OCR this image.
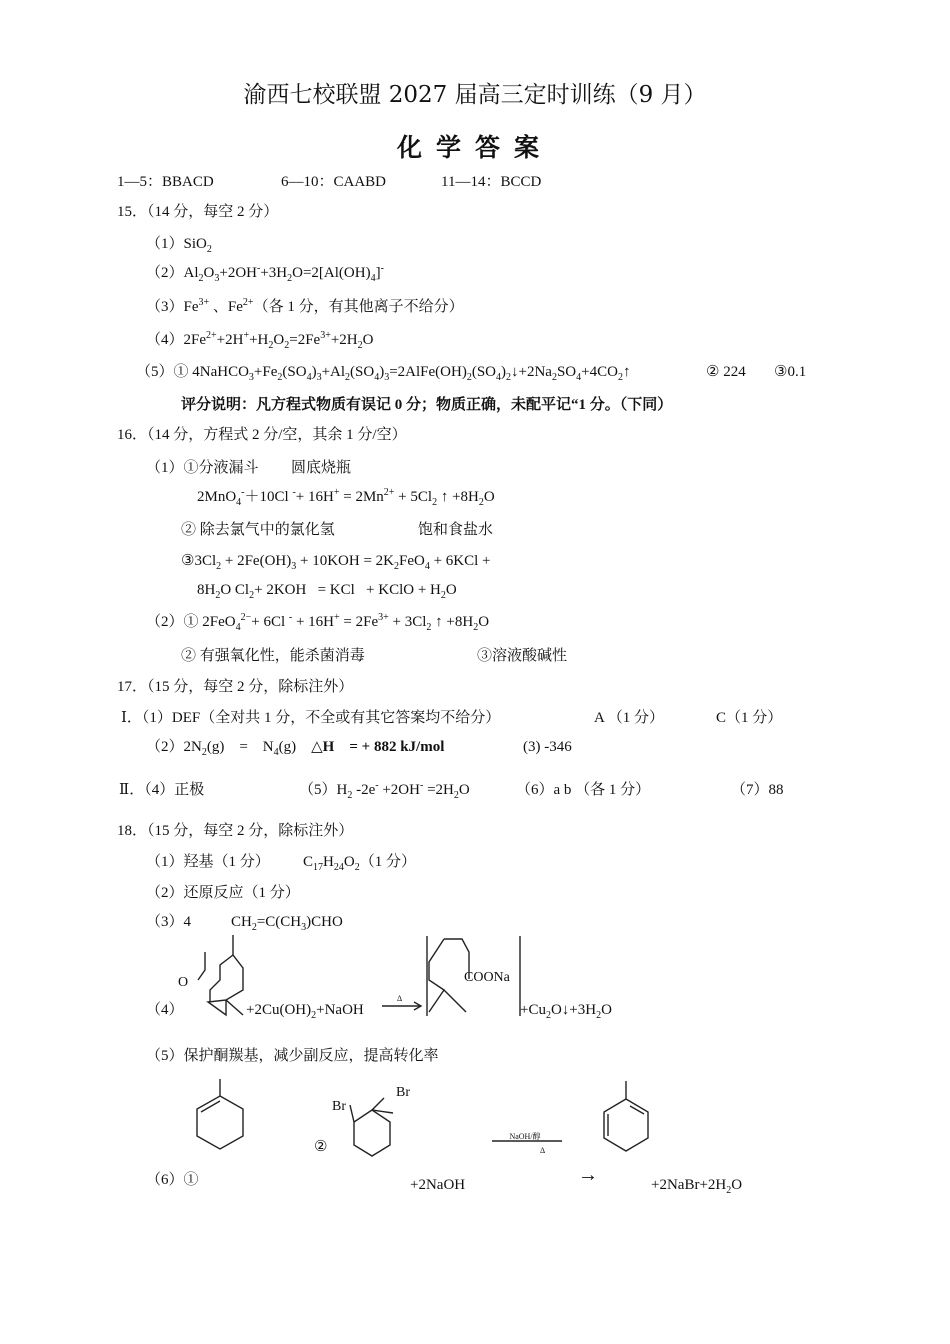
渝西七校联盟 2027 届高三定时训练（9 月）
化学答案
1—5：BBACD	6—10：CAABD	11—14：BCCD
15．（14 分，每空 2 分）
（1）SiO$_2$
$(2)Al_2O_3+2OH^-+3H_2O=2[Al(OH)_4]^-$
$(3)Fe^{3+}$ 、$Fe^{2+}$（各 1 分，有其他离子不给分）
$(4)2Fe^{2+}+2H^++H_2O_2=2Fe^{3+}+2H_2O$
（5）① $4NaHCO_3+Fe_2(SO_4)_3+Al_2(SO_4)_3=2AlFe(OH)_2(SO_4)_2↓+2Na_2SO_4+4CO_2↑$	② 224 ③0.1
评分说明：凡方程式物质有误记 0 分；物质正确，未配平记“1 分。（下同）
16．（14 分，方程式 2 分/空，其余 1 分/空）
（1）①分液漏斗 圆底烧瓶
2MnO$_4$-＋10Cl $^-+ 16H^+ = 2Mn^{2+} + 5Cl_2$ ↑ $+8H_2O$
② 除去氯气中的氯化氢	饱和食盐水
$③3Cl_2 + 2Fe(OH)_3 + 10KOH = 2K_2FeO_4 + 6KCl$ +
$8H_2O$ $Cl_2+ 2KOH$   = KCl   + KClO + $H_2O$
（2）① 2FeO$_4^{2-}$+ 6Cl $^- + 16H^+ = 2Fe^{3+} + 3Cl_2$ ↑ $+8H_2O$
② 有强氧化性，能杀菌消毒	③溶液酸碱性
17．（15 分，每空 2 分，除标注外）
Ⅰ．（1）DEF（全对共 1 分，不全或有其它答案均不给分）	A （1 分）	C（1 分）
$(2)2N_2(g)$    =    $N_4(g)$    △H    = + 882 kJ/mol	(3) -346
Ⅱ．（4）正极	$(5)H_2$ $-2e^- +2OH^- =2H_2O$	（6）a b （各 1 分）	（7）88
18．（15 分，每空 2 分，除标注外）
（1）羟基（1 分） $C_{17}H_{24}O_2(1$ 分）
（2）还原反应（1 分）
（3）4	$CH_2=C(CH_3)CHO$
（4）
O
$+2Cu(OH)_2+NaOH$
Δ
COONa
$+Cu_2O↓+3H_2O$
（5）保护酮羰基，减少副反应，提高转化率
②
Br
Br
NaOH/醇
Δ
（6）①	+2NaOH	→	$+2NaBr+2H_2O$
